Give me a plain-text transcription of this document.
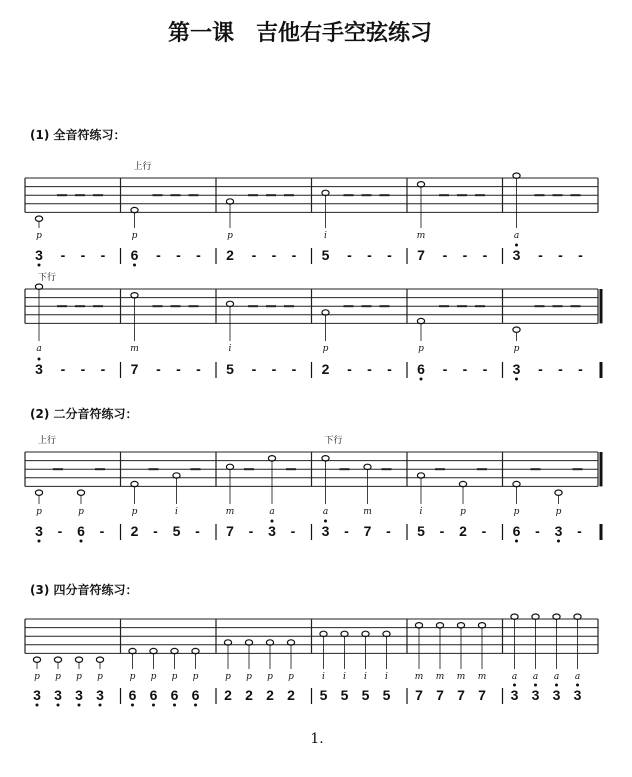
第一课　吉他右手空弦练习
(1) 全音符练习：
(2) 二分音符练习：
(3) 四分音符练习：
上行
p
3 - - -
p
6 - - -
p
2 - - -
i
5 - - -
m
7 - - -
a
3 - - -
下行
a
3 - - -
m
7 - - -
i
5 - - -
p
2 - - -
p
6 - - -
p
3 - - -
上行	下行
p	p
3 - 6 -
p	i
2 - 5 -
m	a
7 - 3 -
a	m
3 - 7 -
i	p
5 - 2 -
p	p
6 - 3 -
p
3
p
3
p
3
p
3
p
6
p
6
p
6
p
6
p
2
p
2
p
2
p
2
i
5
i
5
i
5
i
5
m
7
m
7
m
7
m
7
a
3
a
3
a
3
a
3
1.
